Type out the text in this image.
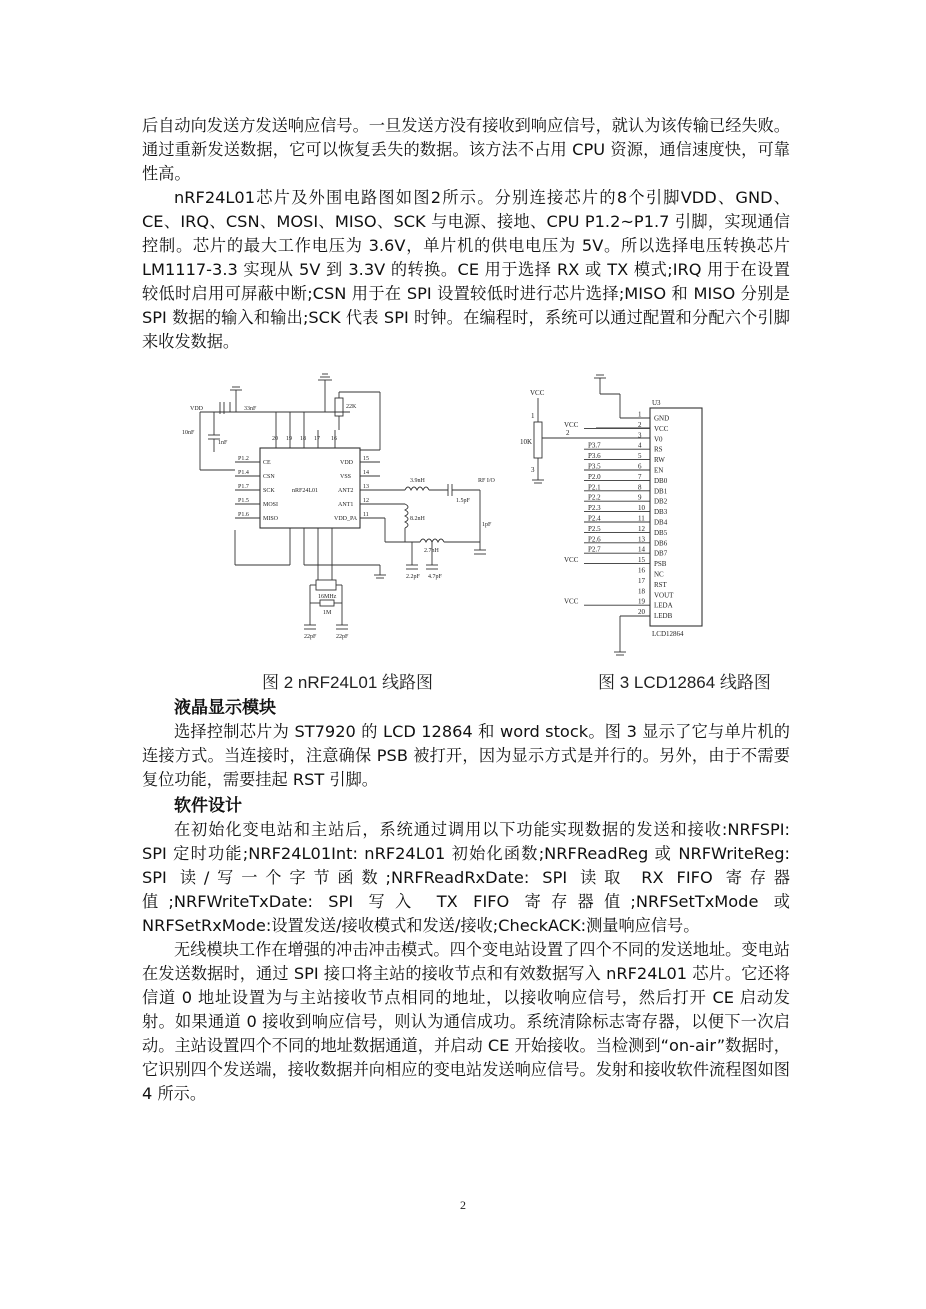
后自动向发送方发送响应信号。一旦发送方没有接收到响应信号，就认为该传输已经失败。通过重新发送数据，它可以恢复丢失的数据。该方法不占用 CPU 资源，通信速度快，可靠性高。

nRF24L01芯片及外围电路图如图2所示。分别连接芯片的8个引脚VDD、GND、CE、IRQ、CSN、MOSI、MISO、SCK 与电源、接地、CPU P1.2~P1.7 引脚，实现通信控制。芯片的最大工作电压为 3.6V，单片机的供电电压为 5V。所以选择电压转换芯片 LM1117-3.3 实现从 5V 到 3.3V 的转换。CE 用于选择 RX 或 TX 模式;IRQ 用于在设置较低时启用可屏蔽中断;CSN 用于在 SPI 设置较低时进行芯片选择;MISO 和 MISO 分别是 SPI 数据的输入和输出;SCK 代表 SPI 时钟。在编程时，系统可以通过配置和分配六个引脚来收发数据。

VDD
nRF24L01
P1.2
P1.4
P1.7
P1.5
P1.6
CE
CSN
SCK
MOSI
MISO
VDD
VSS
ANT2
ANT1
VDD_PA
15
14
13
12
11
20 19 18 17 16
33nF
10nF
1nF
1.5pF
1pF
2.2pF 4.7pF
22pF	22pF
22K
1M
3.9nH
8.2nH
2.7nH
16MHz
RF I/O
1 GND
2 VCC
VCC
3 V0
4 RS
P3.7
5 RW
P3.6
6 EN
P3.5
7 DB0
P2.0
8 DB1
P2.1
9 DB2
P2.2
10
DB3
P2.3
11 DB4
P2.4
12 DB5
P2.5
13 DB6
P2.6
14 DB7
P2.7
15 PSB
VCC
16 NC
17 RST
18 VOUT
19 LEDA
VCC
20 LEDB
U3
LCD12864
VCC
10K
1
2
3
图 2 nRF24L01 线路图	图 3 LCD12864 线路图
液晶显示模块

选择控制芯片为 ST7920 的 LCD 12864 和 word stock。图 3 显示了它与单片机的连接方式。当连接时，注意确保 PSB 被打开，因为显示方式是并行的。另外，由于不需要复位功能，需要挂起 RST 引脚。

软件设计

在初始化变电站和主站后，系统通过调用以下功能实现数据的发送和接收:NRFSPI: SPI 定时功能;NRF24L01Int: nRF24L01 初始化函数;NRFReadReg 或 NRFWriteReg: SPI 读/写一个字节函数;NRFReadRxDate: SPI 读取 RX FIFO 寄存器值;NRFWriteTxDate: SPI 写入 TX FIFO 寄存器值;NRFSetTxMode 或 NRFSetRxMode:设置发送/接收模式和发送/接收;CheckACK:测量响应信号。

无线模块工作在增强的冲击冲击模式。四个变电站设置了四个不同的发送地址。变电站在发送数据时，通过 SPI 接口将主站的接收节点和有效数据写入 nRF24L01 芯片。它还将信道 0 地址设置为与主站接收节点相同的地址，以接收响应信号，然后打开 CE 启动发射。如果通道 0 接收到响应信号，则认为通信成功。系统清除标志寄存器，以便下一次启动。主站设置四个不同的地址数据通道，并启动 CE 开始接收。当检测到“on-air”数据时，它识别四个发送端，接收数据并向相应的变电站发送响应信号。发射和接收软件流程图如图 4 所示。

2
